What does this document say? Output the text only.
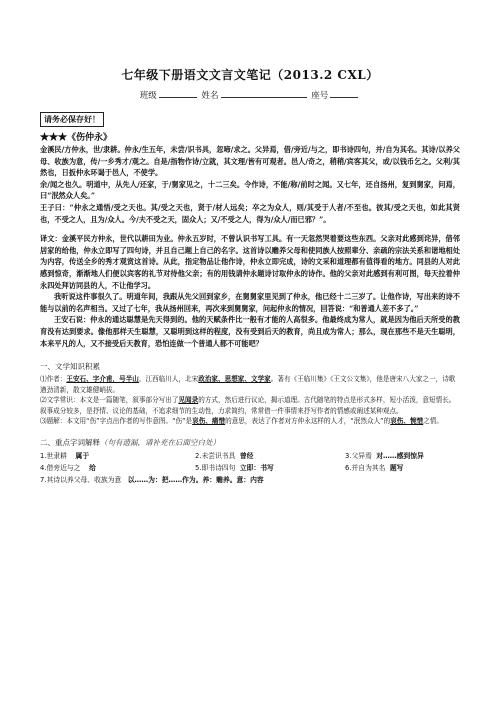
七年级下册语文文言文笔记（2013.2 CXL）
班级	姓名	座号
请务必保存好！
★★★《伤仲永》

金溪民/方仲永，世/隶耕。仲永/生五年，未尝/识书具，忽啼/求之。父异焉，借/旁近/与之，即书诗四句，并/自为其名。其诗/以养父母、收族为意，传/一乡秀才/观之。自是/指物作诗/立就，其文理/皆有可观者。邑人/奇之，稍稍/宾客其父，或/以钱币乞之。父利/其然也，日扳仲永环谒于邑人，不使学。

余/闻之也久。明道中，从先人/还家，于/舅家见之，十二三矣。令作诗，不能/称/前时之闻。又七年，还自扬州，复到舅家，问焉，曰“泯然众人矣。”

王子曰：“仲永之通悟/受之天也。其/受之天也，贤于/材人远矣；卒之为众人，则/其受于人者/不至也。彼其/受之天也，如此其贤也，不受之人，且为/众人。今/夫不受之天，固众人；又/不受之人，得为/众人/而已邪？”。

译文：金溪平民方仲永，世代以耕田为业。仲永五岁时，不曾认识书写工具。有一天忽然哭着要这些东西。父亲对此感到诧异，借邻居家的给他，仲永立即写了四句诗，并且自己题上自己的名字。这首诗以赡养父母和使同族人按照辈分、亲疏的宗法关系和谐地相处为内容，传送全乡的秀才观赏这首诗。从此，指定物品让他作诗，仲永立即完成，诗的文采和道理都有值得看的地方。同县的人对此感到惊奇，渐渐地人们便以宾客的礼节对待他父亲；有的用钱请仲永题诗讨取仲永的诗作。他的父亲对此感到有利可图，每天拉着仲永四处拜访同县的人，不让他学习。

我听说这件事很久了。明道年间，我跟从先父回到家乡，在舅舅家里见到了仲永，他已经十二三岁了。让他作诗，写出来的诗不能与以前的名声相当。又过了七年，我从扬州回来，再次来到舅舅家，问起仲永的情况，回答说：“和普通人差不多了。”

王安石说：仲永的通达聪慧是先天得到的。他的天赋条件比一般有才能的人高很多。他最终成为常人，就是因为他后天所受的教育没有达到要求。像他那样天生聪慧，又聪明到这样的程度，没有受到后天的教育，尚且成为常人；那么，现在那些不是天生聪明，本来平凡的人，又不接受后天教育，恐怕连做一个普通人都不可能吧？

一、文学知识积累

⑴作者：王安石、字介甫，号半山，江西临川人，北宋政治家、思想家、文学家。著有《王临川集》《王文公文集》，他是唐宋八大家之一，诗歌遒劲清新，散文雄健峭拔。

⑵文学常识：本文是一篇随笔，叙事部分写出了见闻录的方式，然后进行议论，揭示道理。古代随笔的特点是形式多样，短小活泼，意短情长。叙事成分较多，是抒情、议论的基础，不追求细节的生动性，力求简约，常常借一件事情来抒写作者的情感或阐述某种观点。

⑶题解：本文用“伤”字点出作者的写作意图。“伤”是哀伤、痛惜的意思，表达了作者对方仲永这样的人才，“泯然众人”的哀伤、惋惜之情。

二、重点字词解释（句有遗漏，请补充在后面空白处）
1.世隶耕 属于	2.未尝识书具 曾经	3.父异焉 对……感到惊异
4.借旁近与之 给	5.即书诗四句 立即：书写	6.并自为其名 题写
7.其诗以养父母、收族为意 以……为：把……作为。养：赡养。意：内容
